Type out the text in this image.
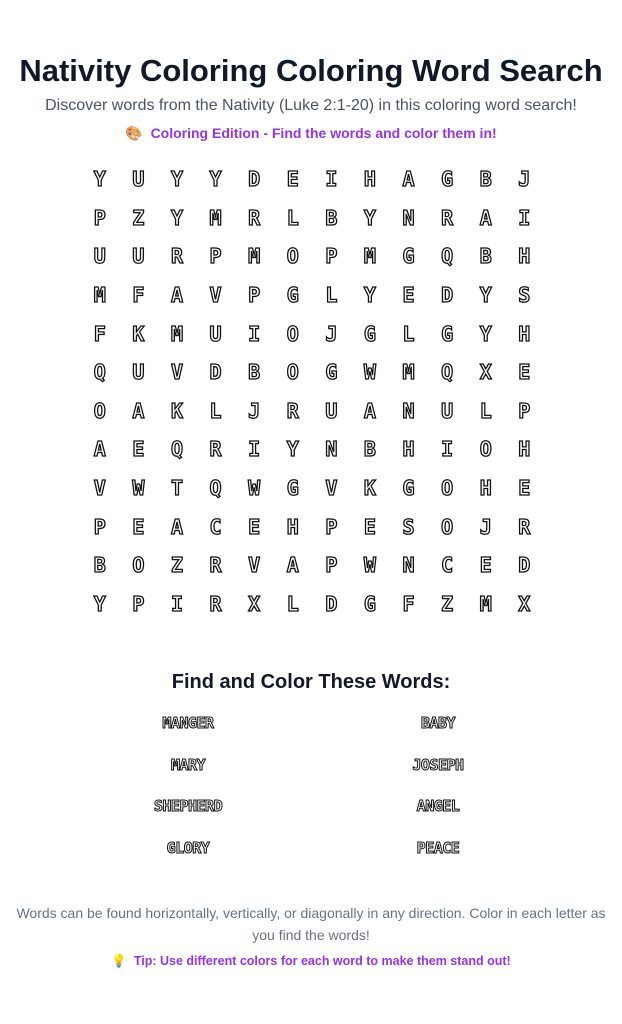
Nativity Coloring Coloring Word Search
Discover words from the Nativity (Luke 2:1-20) in this coloring word search!
🎨 Coloring Edition - Find the words and color them in!
Y U Y Y D E I H A G B J
P Z Y M R L B Y N R A I
U U R P M O P M G Q B H
M F A V P G L Y E D Y S
F K M U I O J G L G Y H
Q U V D B O G W M Q X E
O A K L J R U A N U L P
A E Q R I Y N B H I O H
V W T Q W G V K G O H E
P E A C E H P E S O J R
B O Z R V A P W N C E D
Y P I R X L D G F Z M X
Find and Color These Words:
MANGER	BABY
MARY	JOSEPH
SHEPHERD	ANGEL
GLORY	PEACE
Words can be found horizontally, vertically, or diagonally in any direction. Color in each letter as you find the words!
💡 Tip: Use different colors for each word to make them stand out!
